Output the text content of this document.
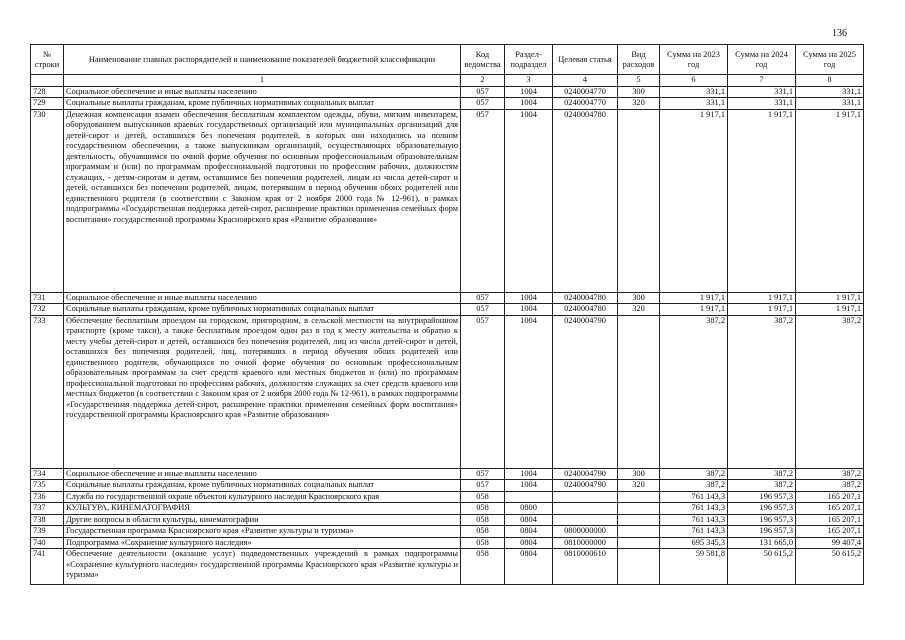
136
№ строки	Наименование главных распорядителей и наименование показателей бюджетной классификации	Код ведомства	Раздел-подраздел	Целевая статья	Вид расходов	Сумма на 2023 год	Сумма на 2024 год	Сумма на 2025 год
	1	2	3	4	5	6	7	8
728	Социальное обеспечение и иные выплаты населению	057	1004	0240004770	300	331,1	331,1	331,1
729	Социальные выплаты гражданам, кроме публичных нормативных социальных выплат	057	1004	0240004770	320	331,1	331,1	331,1
730	Денежная компенсация взамен обеспечения бесплатным комплектом одежды, обуви, мягким инвентарем, оборудованием выпускников краевых государственных организаций или муниципальных организаций для детей-сирот и детей, оставшихся без попечения родителей, в которых они находились на полном государственном обеспечении, а также выпускникам организаций, осуществляющих образовательную деятельность, обучавшимся по очной форме обучения по основным профессиональным образовательным программам и (или) по программам профессиональной подготовки по профессиям рабочих, должностям служащих, - детям-сиротам и детям, оставшимся без попечения родителей, лицам из числа детей-сирот и детей, оставшихся без попечения родителей, лицам, потерявшим в период обучения обоих родителей или единственного родителя (в соответствии с Законом края от 2 ноября 2000 года № 12-961), в рамках подпрограммы «Государственная поддержка детей-сирот, расширение практики применения семейных форм воспитания» государственной программы Красноярского края «Развитие образования»	057	1004	0240004780		1 917,1	1 917,1	1 917,1
731	Социальное обеспечение и иные выплаты населению	057	1004	0240004780	300	1 917,1	1 917,1	1 917,1
732	Социальные выплаты гражданам, кроме публичных нормативных социальных выплат	057	1004	0240004780	320	1 917,1	1 917,1	1 917,1
733	Обеспечение бесплатным проездом на городском, пригородном, в сельской местности на внутрирайонном транспорте (кроме такси), а также бесплатным проездом один раз в год к месту жительства и обратно к месту учебы детей-сирот и детей, оставшихся без попечения родителей, лиц из числа детей-сирот и детей, оставшихся без попечения родителей, лиц, потерявших в период обучения обоих родителей или единственного родителя, обучающихся по очной форме обучения по основным профессиональным образовательным программам за счет средств краевого или местных бюджетов и (или) по программам профессиональной подготовки по профессиям рабочих, должностям служащих за счет средств краевого или местных бюджетов (в соответствии с Законом края от 2 ноября 2000 года № 12-961), в рамках подпрограммы «Государственная поддержка детей-сирот, расширение практики применения семейных форм воспитания» государственной программы Красноярского края «Развитие образования»	057	1004	0240004790		387,2	387,2	387,2
734	Социальное обеспечение и иные выплаты населению	057	1004	0240004790	300	387,2	387,2	387,2
735	Социальные выплаты гражданам, кроме публичных нормативных социальных выплат	057	1004	0240004790	320	387,2	387,2	387,2
736	Служба по государственной охране объектов культурного наследия Красноярского края	058				761 143,3	196 957,3	165 207,1
737	КУЛЬТУРА, КИНЕМАТОГРАФИЯ	058	0800			761 143,3	196 957,3	165 207,1
738	Другие вопросы в области культуры, кинематографии	058	0804			761 143,3	196 957,3	165 207,1
739	Государственная программа Красноярского края «Развитие культуры и туризма»	058	0804	0800000000		761 143,3	196 957,3	165 207,1
740	Подпрограмма «Сохранение культурного наследия»	058	0804	0810000000		695 345,3	131 665,0	99 407,4
741	Обеспечение деятельности (оказание услуг) подведомственных учреждений в рамках подпрограммы «Сохранение культурного наследия» государственной программы Красноярского края «Развитие культуры и туризма»	058	0804	0810000610		59 581,8	50 615,2	50 615,2
